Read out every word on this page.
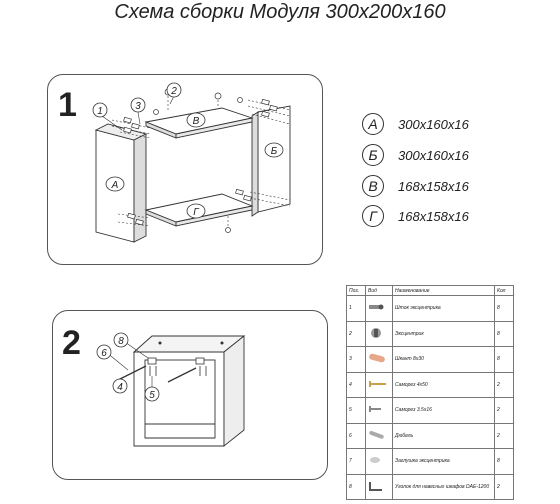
Схема сборки Модуля 300х200х160
1 1	3
2
В
Г
А
Б
8
6
4
5
2
А	300x160x16
Б	300x160x16
В	168x158x16
Г	168x158x16
Поз.	Вид	Наименование	Кол
1		Шток эксцентрика	8
2		Эксцентрик	8
3		Шкант 8х30	8
4		Саморез 4х50	2
5		Саморез 3.5х16	2
6		Дюбель	2
7		Заглушка эксцентрика	8
8		Уголок для навесных шкафов DAE-1200	2
